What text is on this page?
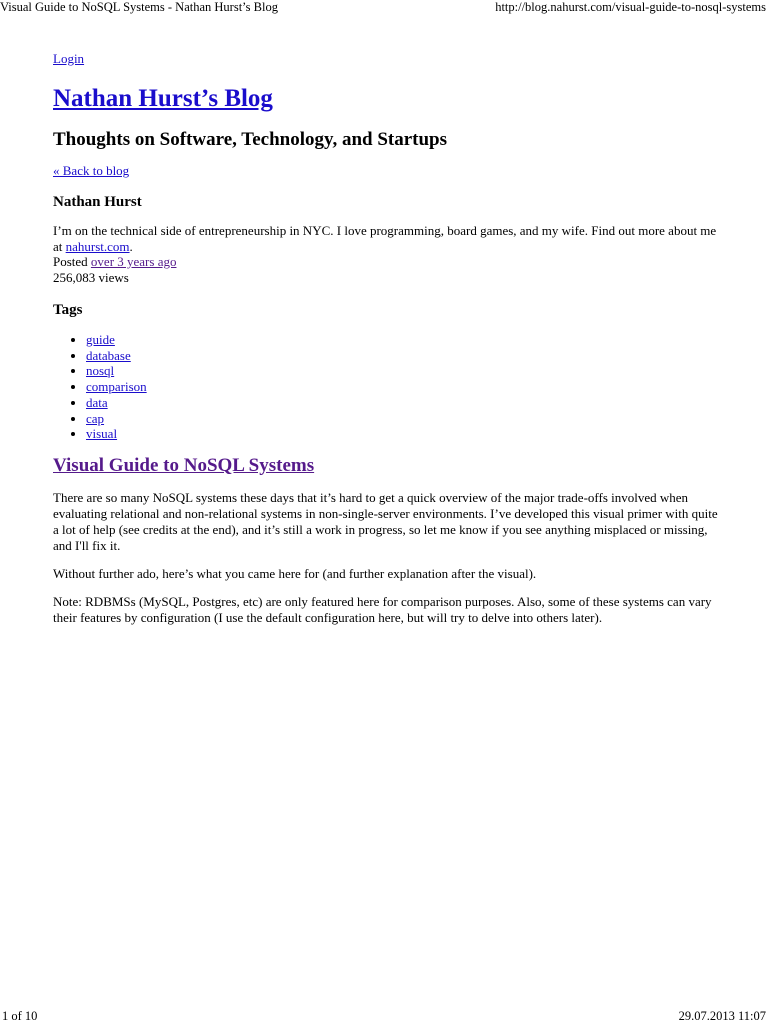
Visual Guide to NoSQL Systems - Nathan Hurst’s Blog	http://blog.nahurst.com/visual-guide-to-nosql-systems
Login
Nathan Hurst’s Blog
Thoughts on Software, Technology, and Startups
« Back to blog
Nathan Hurst

I’m on the technical side of entrepreneurship in NYC. I love programming, board games, and my wife. Find out more about me at nahurst.com.
Posted over 3 years ago
256,083 views

Tags
• guide
• database
• nosql
• comparison
• data
• cap
• visual
Visual Guide to NoSQL Systems

There are so many NoSQL systems these days that it’s hard to get a quick overview of the major trade-offs involved when evaluating relational and non-relational systems in non-single-server environments. I’ve developed this visual primer with quite a lot of help (see credits at the end), and it’s still a work in progress, so let me know if you see anything misplaced or missing, and I'll fix it.

Without further ado, here’s what you came here for (and further explanation after the visual).

Note: RDBMSs (MySQL, Postgres, etc) are only featured here for comparison purposes. Also, some of these systems can vary their features by configuration (I use the default configuration here, but will try to delve into others later).

1 of 10	29.07.2013 11:07
